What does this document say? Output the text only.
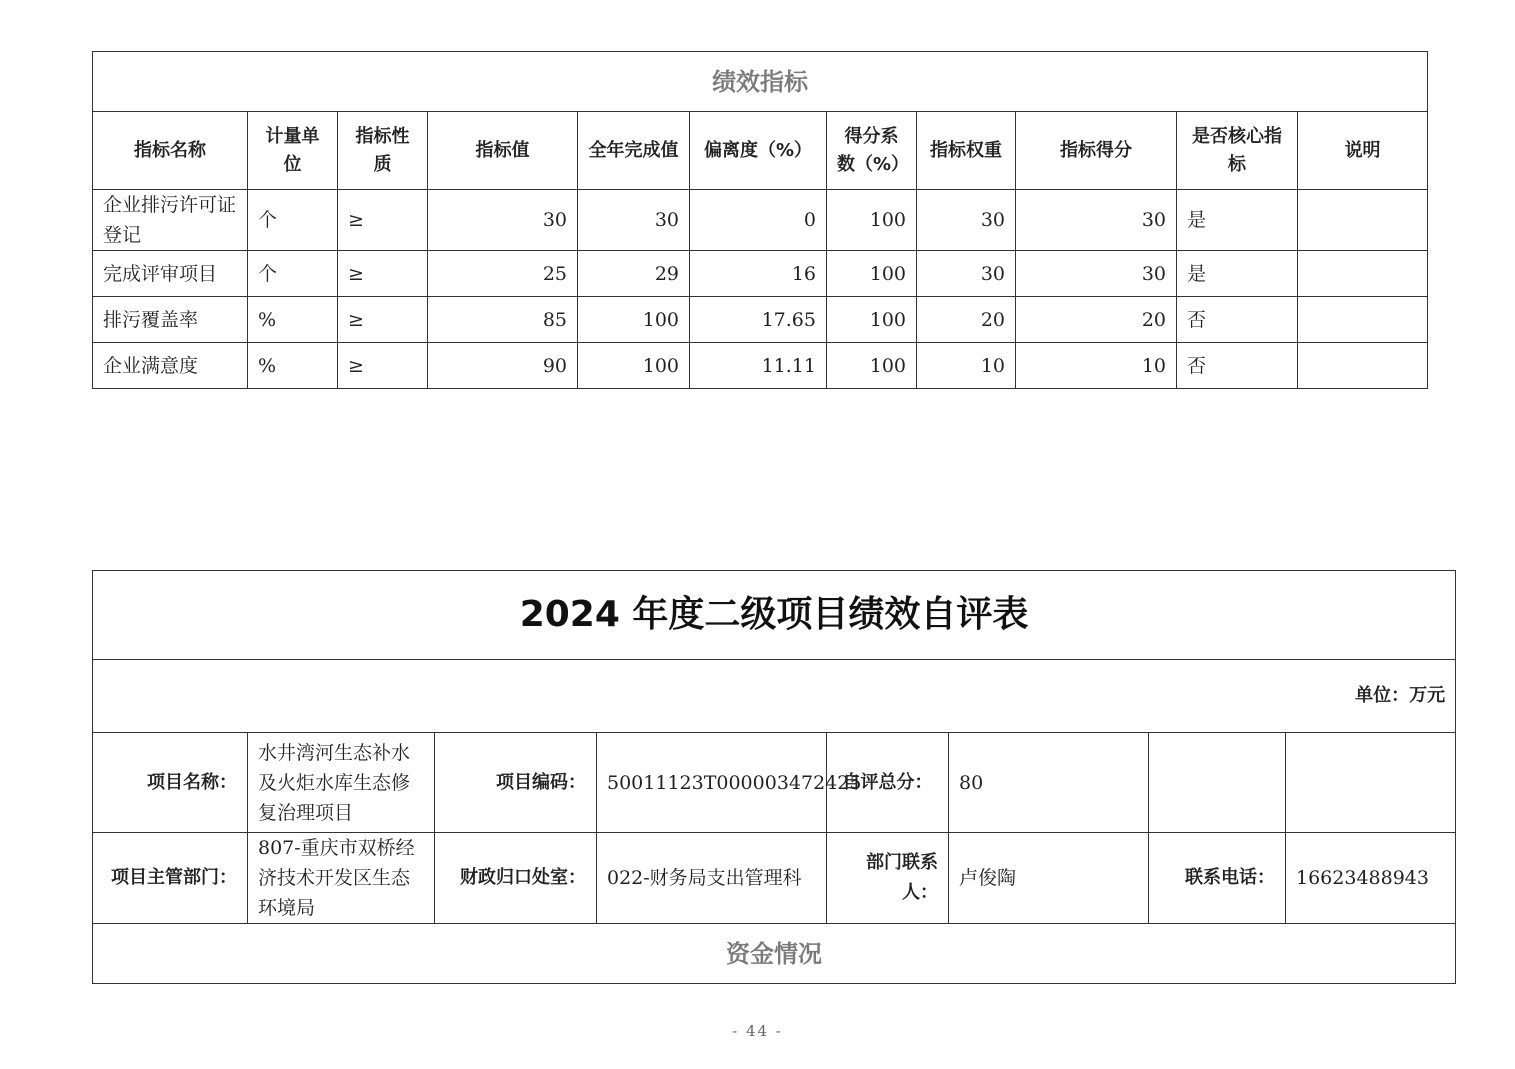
绩效指标										
指标名称	计量单位	指标性质	指标值	全年完成值	偏离度（%）	得分系数（%）	指标权重	指标得分	是否核心指标	说明
企业排污许可证登记	个	≥	30	30	0	100	30	30	是	
完成评审项目	个	≥	25	29	16	100	30	30	是	
排污覆盖率	%	≥	85	100	17.65	100	20	20	否	
企业满意度	%	≥	90	100	11.11	100	10	10	否	
2024 年度二级项目绩效自评表							
单位：万元							
项目名称：	水井湾河生态补水及火炬水库生态修复治理项目	项目编码：	50011123T000003472425	自评总分：	80		
项目主管部门：	807-重庆市双桥经济技术开发区生态环境局	财政归口处室：	022-财务局支出管理科	部门联系人：	卢俊陶	联系电话：	16623488943
资金情况							
- 44 -
